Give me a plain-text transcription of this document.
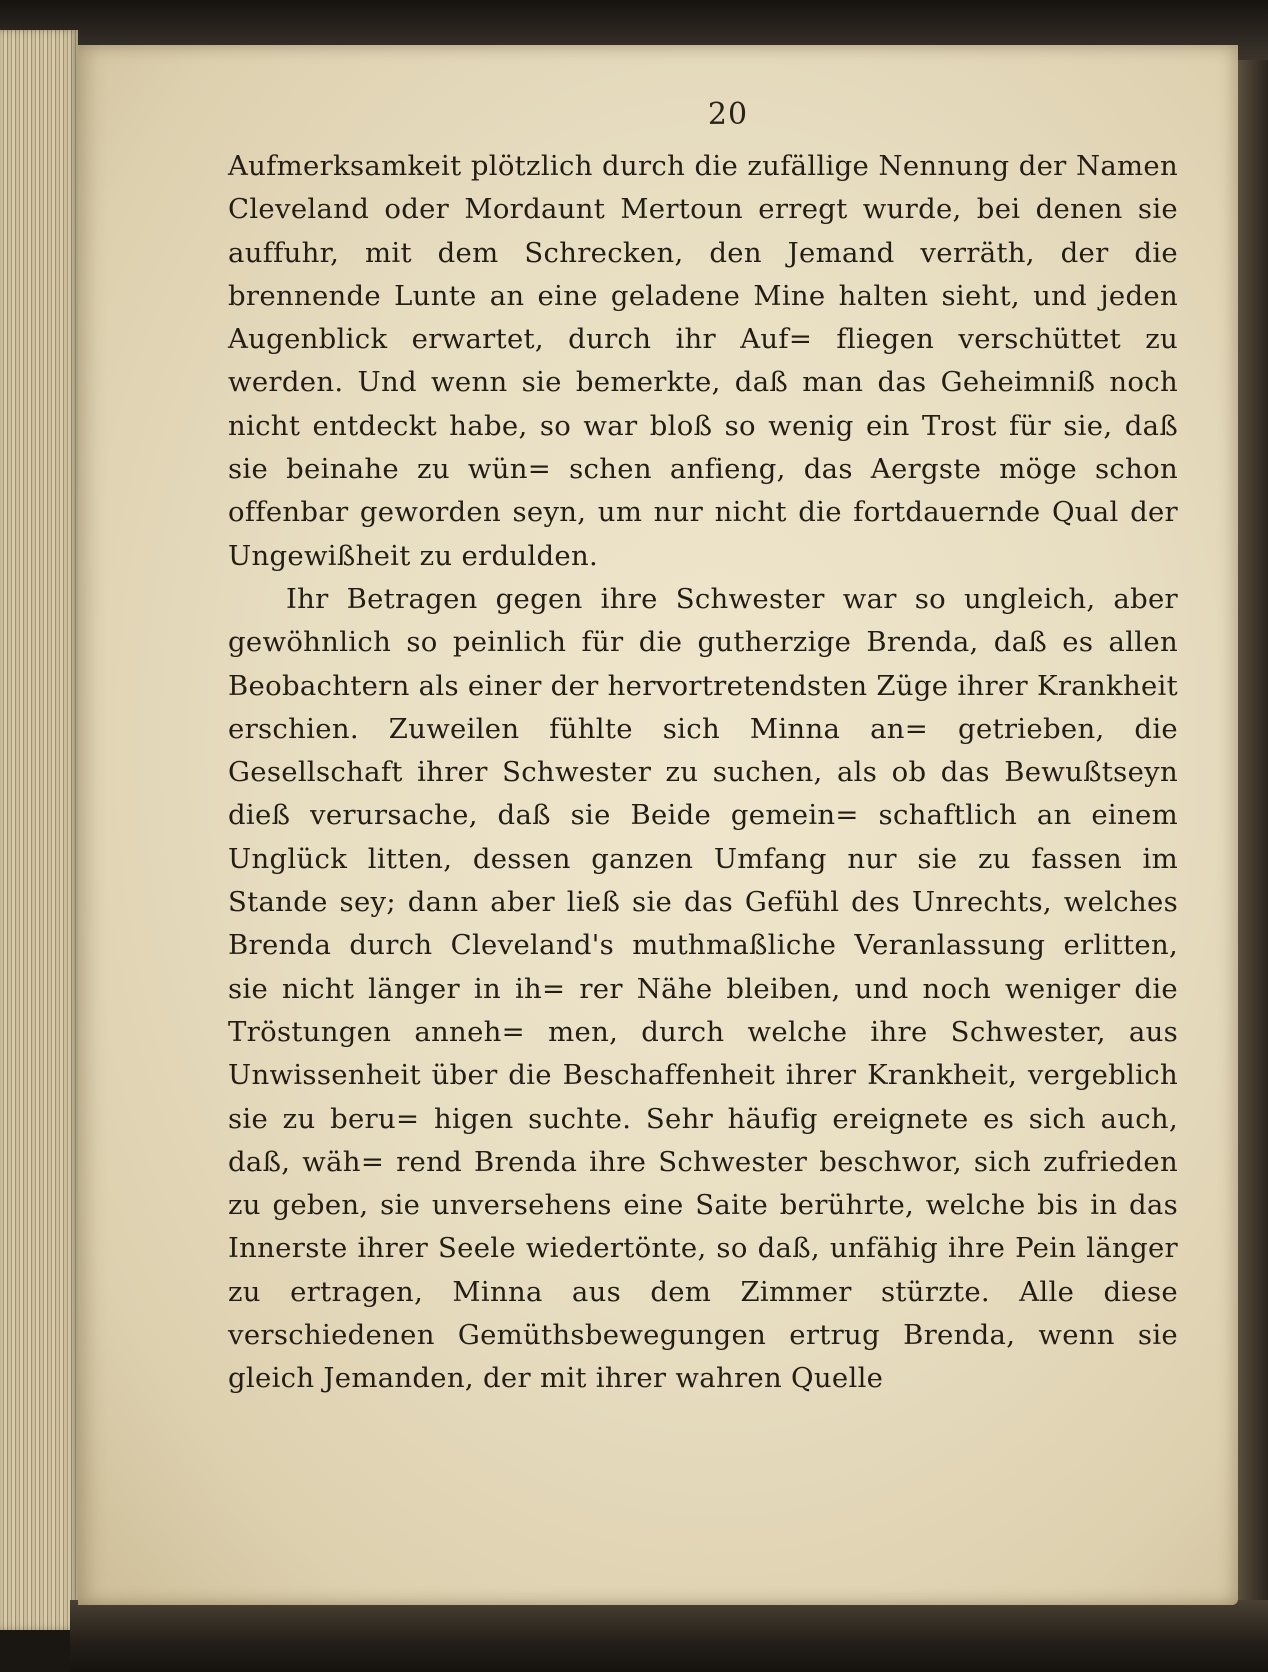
20

Aufmerksamkeit plötzlich durch die zufällige Nennung der Namen Cleveland oder Mordaunt Mertoun erregt wurde, bei denen sie auffuhr, mit dem Schrecken, den Jemand verräth, der die brennende Lunte an eine geladene Mine halten sieht, und jeden Augenblick erwartet, durch ihr Auf= fliegen verschüttet zu werden. Und wenn sie bemerkte, daß man das Geheimniß noch nicht entdeckt habe, so war bloß so wenig ein Trost für sie, daß sie beinahe zu wün= schen anfieng, das Aergste möge schon offenbar geworden seyn, um nur nicht die fortdauernde Qual der Ungewißheit zu erdulden.

Ihr Betragen gegen ihre Schwester war so ungleich, aber gewöhnlich so peinlich für die gutherzige Brenda, daß es allen Beobachtern als einer der hervortretendsten Züge ihrer Krankheit erschien. Zuweilen fühlte sich Minna an= getrieben, die Gesellschaft ihrer Schwester zu suchen, als ob das Bewußtseyn dieß verursache, daß sie Beide gemein= schaftlich an einem Unglück litten, dessen ganzen Umfang nur sie zu fassen im Stande sey; dann aber ließ sie das Gefühl des Unrechts, welches Brenda durch Cleveland's muthmaßliche Veranlassung erlitten, sie nicht länger in ih= rer Nähe bleiben, und noch weniger die Tröstungen anneh= men, durch welche ihre Schwester, aus Unwissenheit über die Beschaffenheit ihrer Krankheit, vergeblich sie zu beru= higen suchte. Sehr häufig ereignete es sich auch, daß, wäh= rend Brenda ihre Schwester beschwor, sich zufrieden zu geben, sie unversehens eine Saite berührte, welche bis in das Innerste ihrer Seele wiedertönte, so daß, unfähig ihre Pein länger zu ertragen, Minna aus dem Zimmer stürzte. Alle diese verschiedenen Gemüthsbewegungen ertrug Brenda, wenn sie gleich Jemanden, der mit ihrer wahren Quelle
